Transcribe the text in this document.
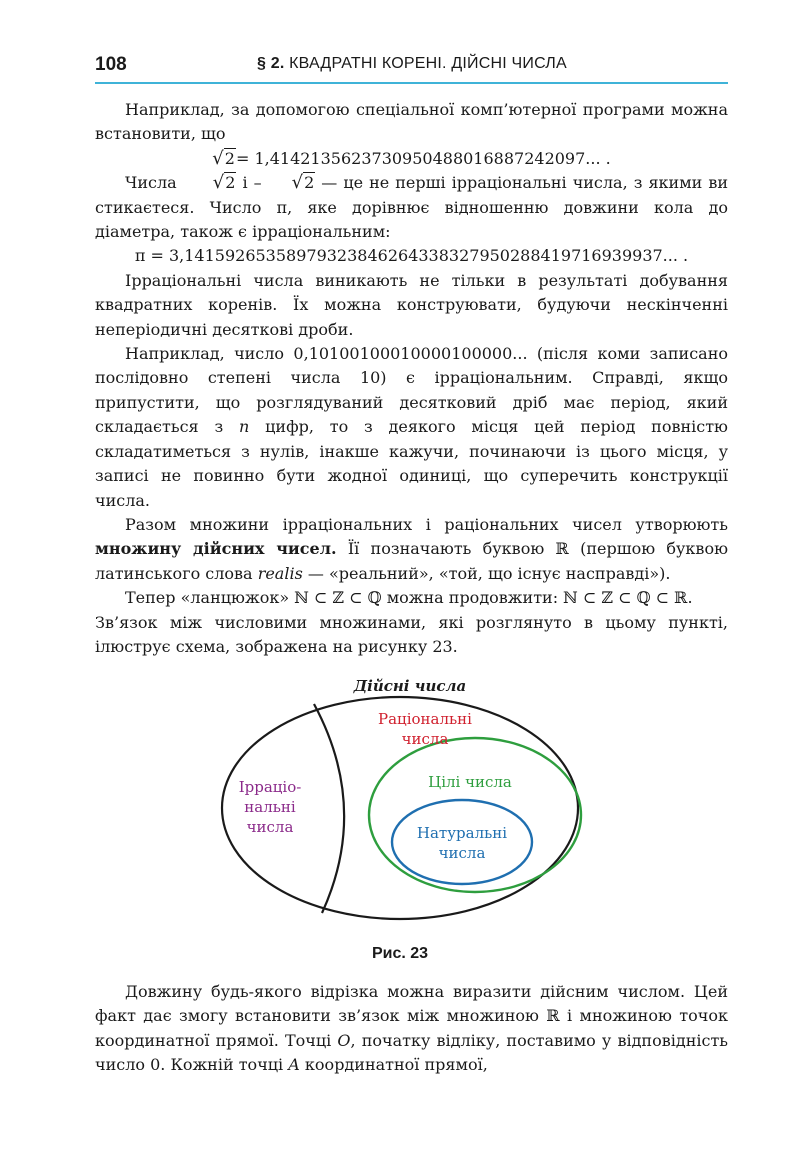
108	§ 2. КВАДРАТНІ КОРЕНІ. ДІЙСНІ ЧИСЛА

Наприклад, за допомогою спеціальної комп’ютерної програми можна встановити, що

√2= 1,41421356237309504880168872420​97... .

Числа √2 і – √2 — це не перші ірраціональні числа, з якими ви стикаєтеся. Число π, яке дорівнює відношенню довжини кола до діаметра, також є ірраціональним:

π = 3,1415926535897932384626433832795028841971693993​7... .

Ірраціональні числа виникають не тільки в результаті добування квадратних коренів. Їх можна конструювати, будуючи нескінченні неперіодичні десяткові дроби.

Наприклад, число 0,10100100010000100000... (після коми записано послідовно степені числа 10) є ірраціональним. Справді, якщо припустити, що розглядуваний десятковий дріб має період, який складається з n цифр, то з деякого місця цей період повністю складатиметься з нулів, інакше кажучи, починаючи із цього місця, у записі не повинно бути жодної одиниці, що суперечить конструкції числа.

Разом множини ірраціональних і раціональних чисел утворюють множину дійсних чисел. Її позначають буквою ℝ (першою буквою латинського слова realis — «реальний», «той, що існує насправді»).

Тепер «ланцюжок» ℕ ⊂ ℤ ⊂ ℚ можна продовжити: ℕ ⊂ ℤ ⊂ ℚ ⊂ ℝ.

Зв’язок між числовими множинами, які розглянуто в цьому пункті, ілюструє схема, зображена на рисунку 23.

Дійсні числа
Раціональні
числа
Ірраціо-
нальні
числа
Цілі числа
Натуральні
числа
Рис. 23

Довжину будь-якого відрізка можна виразити дійсним числом. Цей факт дає змогу встановити зв’язок між множиною ℝ і множиною точок координатної прямої. Точці O, початку відліку, поставимо у відповідність число 0. Кожній точці A координатної прямої,
